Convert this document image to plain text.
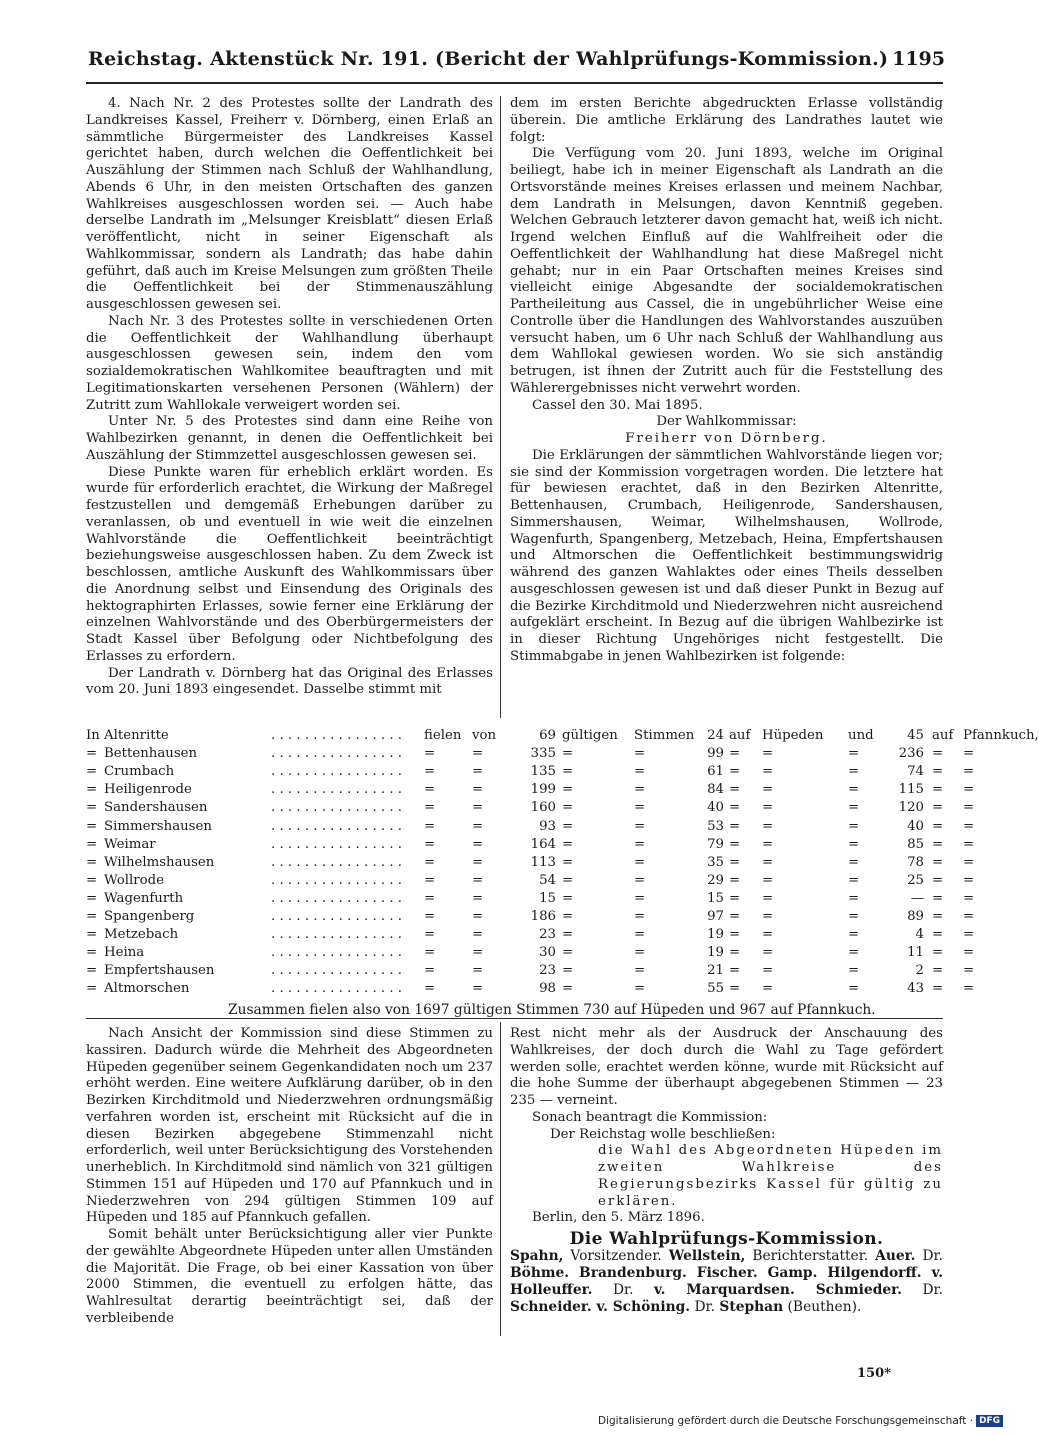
Reichstag. Aktenstück Nr. 191. (Bericht der Wahlprüfungs-Kommission.) 1195

4. Nach Nr. 2 des Protestes sollte der Landrath des Landkreises Kassel, Freiherr v. Dörnberg, einen Erlaß an sämmtliche Bürgermeister des Landkreises Kassel gerichtet haben, durch welchen die Oeffentlichkeit bei Auszählung der Stimmen nach Schluß der Wahlhandlung, Abends 6 Uhr, in den meisten Ortschaften des ganzen Wahlkreises ausgeschlossen worden sei. — Auch habe derselbe Landrath im „Melsunger Kreisblatt“ diesen Erlaß veröffentlicht, nicht in seiner Eigenschaft als Wahlkommissar, sondern als Landrath; das habe dahin geführt, daß auch im Kreise Melsungen zum größten Theile die Oeffentlichkeit bei der Stimmenauszählung ausgeschlossen gewesen sei.

Nach Nr. 3 des Protestes sollte in verschiedenen Orten die Oeffentlichkeit der Wahlhandlung überhaupt ausgeschlossen gewesen sein, indem den vom sozialdemokratischen Wahlkomitee beauftragten und mit Legitimationskarten versehenen Personen (Wählern) der Zutritt zum Wahllokale verweigert worden sei.

Unter Nr. 5 des Protestes sind dann eine Reihe von Wahlbezirken genannt, in denen die Oeffentlichkeit bei Auszählung der Stimmzettel ausgeschlossen gewesen sei.

Diese Punkte waren für erheblich erklärt worden. Es wurde für erforderlich erachtet, die Wirkung der Maßregel festzustellen und demgemäß Erhebungen darüber zu veranlassen, ob und eventuell in wie weit die einzelnen Wahlvorstände die Oeffentlichkeit beeinträchtigt beziehungsweise ausgeschlossen haben. Zu dem Zweck ist beschlossen, amtliche Auskunft des Wahlkommissars über die Anordnung selbst und Einsendung des Originals des hektographirten Erlasses, sowie ferner eine Erklärung der einzelnen Wahlvorstände und des Oberbürgermeisters der Stadt Kassel über Befolgung oder Nichtbefolgung des Erlasses zu erfordern.

Der Landrath v. Dörnberg hat das Original des Erlasses vom 20. Juni 1893 eingesendet. Dasselbe stimmt mit

dem im ersten Berichte abgedruckten Erlasse vollständig überein. Die amtliche Erklärung des Landrathes lautet wie folgt:

Die Verfügung vom 20. Juni 1893, welche im Original beiliegt, habe ich in meiner Eigenschaft als Landrath an die Ortsvorstände meines Kreises erlassen und meinem Nachbar, dem Landrath in Melsungen, davon Kenntniß gegeben. Welchen Gebrauch letzterer davon gemacht hat, weiß ich nicht. Irgend welchen Einfluß auf die Wahlfreiheit oder die Oeffentlichkeit der Wahlhandlung hat diese Maßregel nicht gehabt; nur in ein Paar Ortschaften meines Kreises sind vielleicht einige Abgesandte der socialdemokratischen Partheileitung aus Cassel, die in ungebührlicher Weise eine Controlle über die Handlungen des Wahlvorstandes auszuüben versucht haben, um 6 Uhr nach Schluß der Wahlhandlung aus dem Wahllokal gewiesen worden. Wo sie sich anständig betrugen, ist ihnen der Zutritt auch für die Feststellung des Wählerergebnisses nicht verwehrt worden.

Cassel den 30. Mai 1895.

Der Wahlkommissar:

Freiherr von Dörnberg.

Die Erklärungen der sämmtlichen Wahlvorstände liegen vor; sie sind der Kommission vorgetragen worden. Die letztere hat für bewiesen erachtet, daß in den Bezirken Altenritte, Bettenhausen, Crumbach, Heiligenrode, Sandershausen, Simmershausen, Weimar, Wilhelmshausen, Wollrode, Wagenfurth, Spangenberg, Metzebach, Heina, Empfertshausen und Altmorschen die Oeffentlichkeit bestimmungswidrig während des ganzen Wahlaktes oder eines Theils desselben ausgeschlossen gewesen ist und daß dieser Punkt in Bezug auf die Bezirke Kirchditmold und Niederzwehren nicht ausreichend aufgeklärt erscheint. In Bezug auf die übrigen Wahlbezirke ist in dieser Richtung Ungehöriges nicht festgestellt. Die Stimmabgabe in jenen Wahlbezirken ist folgende:

In Altenritte	. . . . . . . . . . . . . . . .	fielen von	69 gültigen Stimmen 24 auf Hüpeden und	45 auf Pfannkuch,
= Bettenhausen	. . . . . . . . . . . . . . . .	=	=	335 =	=	99 = =	=	236 = =
= Crumbach	. . . . . . . . . . . . . . . .	=	=	135 =	=	61 = =	=	74 = =
= Heiligenrode	. . . . . . . . . . . . . . . .	=	=	199 =	=	84 = =	=	115 = =
= Sandershausen	. . . . . . . . . . . . . . . .	=	=	160 =	=	40 = =	=	120 = =
= Simmershausen	. . . . . . . . . . . . . . . .	=	=	93 =	=	53 = =	=	40 = =
= Weimar	. . . . . . . . . . . . . . . .	=	=	164 =	=	79 = =	=	85 = =
= Wilhelmshausen	. . . . . . . . . . . . . . . .	=	=	113 =	=	35 = =	=	78 = =
= Wollrode	. . . . . . . . . . . . . . . .	=	=	54 =	=	29 = =	=	25 = =
= Wagenfurth	. . . . . . . . . . . . . . . .	=	=	15 =	=	15 = =	=	— = =
= Spangenberg	. . . . . . . . . . . . . . . .	=	=	186 =	=	97 = =	=	89 = =
= Metzebach	. . . . . . . . . . . . . . . .	=	=	23 =	=	19 = =	=	4 = =
= Heina	. . . . . . . . . . . . . . . .	=	=	30 =	=	19 = =	=	11 = =
= Empfertshausen	. . . . . . . . . . . . . . . .	=	=	23 =	=	21 = =	=	2 = =
= Altmorschen	. . . . . . . . . . . . . . . .	=	=	98 =	=	55 = =	=	43 = =
Zusammen fielen also von 1697 gültigen Stimmen 730 auf Hüpeden und 967 auf Pfannkuch.

Nach Ansicht der Kommission sind diese Stimmen zu kassiren. Dadurch würde die Mehrheit des Abgeordneten Hüpeden gegenüber seinem Gegenkandidaten noch um 237 erhöht werden. Eine weitere Aufklärung darüber, ob in den Bezirken Kirchditmold und Niederzwehren ordnungsmäßig verfahren worden ist, erscheint mit Rücksicht auf die in diesen Bezirken abgegebene Stimmenzahl nicht erforderlich, weil unter Berücksichtigung des Vorstehenden unerheblich. In Kirchditmold sind nämlich von 321 gültigen Stimmen 151 auf Hüpeden und 170 auf Pfannkuch und in Niederzwehren von 294 gültigen Stimmen 109 auf Hüpeden und 185 auf Pfannkuch gefallen.

Somit behält unter Berücksichtigung aller vier Punkte der gewählte Abgeordnete Hüpeden unter allen Umständen die Majorität. Die Frage, ob bei einer Kassation von über 2000 Stimmen, die eventuell zu erfolgen hätte, das Wahlresultat derartig beeinträchtigt sei, daß der verbleibende

Rest nicht mehr als der Ausdruck der Anschauung des Wahlkreises, der doch durch die Wahl zu Tage gefördert werden solle, erachtet werden könne, wurde mit Rücksicht auf die hohe Summe der überhaupt abgegebenen Stimmen — 23 235 — verneint.

Sonach beantragt die Kommission:

Der Reichstag wolle beschließen:

die Wahl des Abgeordneten Hüpeden im zweiten Wahlkreise des Regierungsbezirks Kassel für gültig zu erklären.

Berlin, den 5. März 1896.

Die Wahlprüfungs-Kommission.
Spahn, Vorsitzender. Wellstein, Berichterstatter. Auer. Dr. Böhme. Brandenburg. Fischer. Gamp. Hilgendorff. v. Holleuffer. Dr. v. Marquardsen. Schmieder. Dr. Schneider. v. Schöning. Dr. Stephan (Beuthen).
150*
Digitalisierung gefördert durch die Deutsche Forschungsgemeinschaft · DFG
